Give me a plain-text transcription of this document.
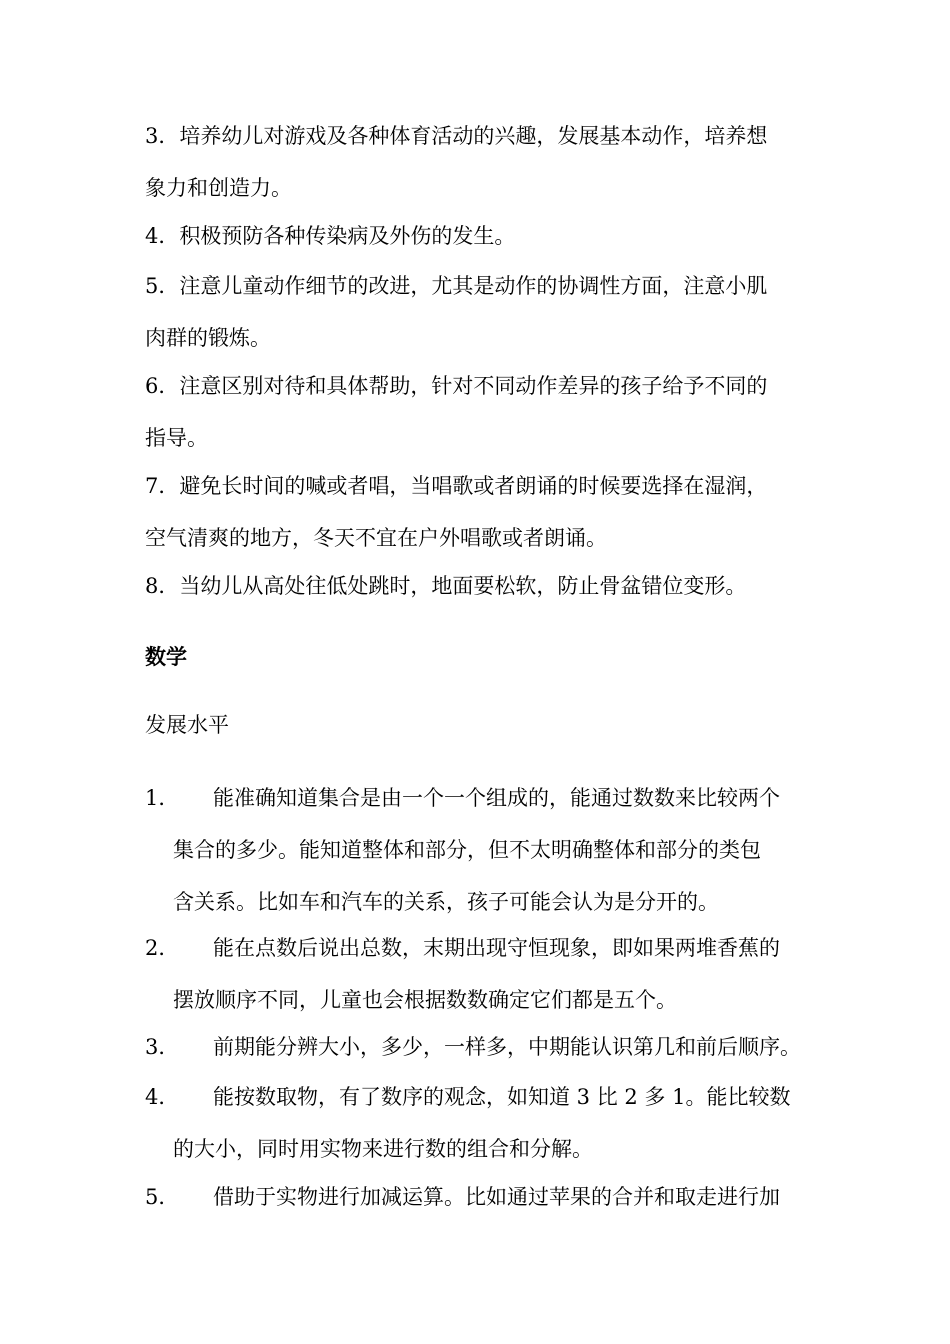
3．培养幼儿对游戏及各种体育活动的兴趣，发展基本动作，培养想
象力和创造力。
4．积极预防各种传染病及外伤的发生。
5．注意儿童动作细节的改进，尤其是动作的协调性方面，注意小肌
肉群的锻炼。
6．注意区别对待和具体帮助，针对不同动作差异的孩子给予不同的
指导。
7．避免长时间的喊或者唱，当唱歌或者朗诵的时候要选择在湿润，
空气清爽的地方，冬天不宜在户外唱歌或者朗诵。
8．当幼儿从高处往低处跳时，地面要松软，防止骨盆错位变形。
数学
发展水平
1．	能准确知道集合是由一个一个组成的，能通过数数来比较两个
集合的多少。能知道整体和部分，但不太明确整体和部分的类包
含关系。比如车和汽车的关系，孩子可能会认为是分开的。
2．	能在点数后说出总数，末期出现守恒现象，即如果两堆香蕉的
摆放顺序不同，儿童也会根据数数确定它们都是五个。
3．	前期能分辨大小，多少，一样多，中期能认识第几和前后顺序。
4．	能按数取物，有了数序的观念，如知道 3 比 2 多 1。能比较数
的大小，同时用实物来进行数的组合和分解。
5．	借助于实物进行加减运算。比如通过苹果的合并和取走进行加
